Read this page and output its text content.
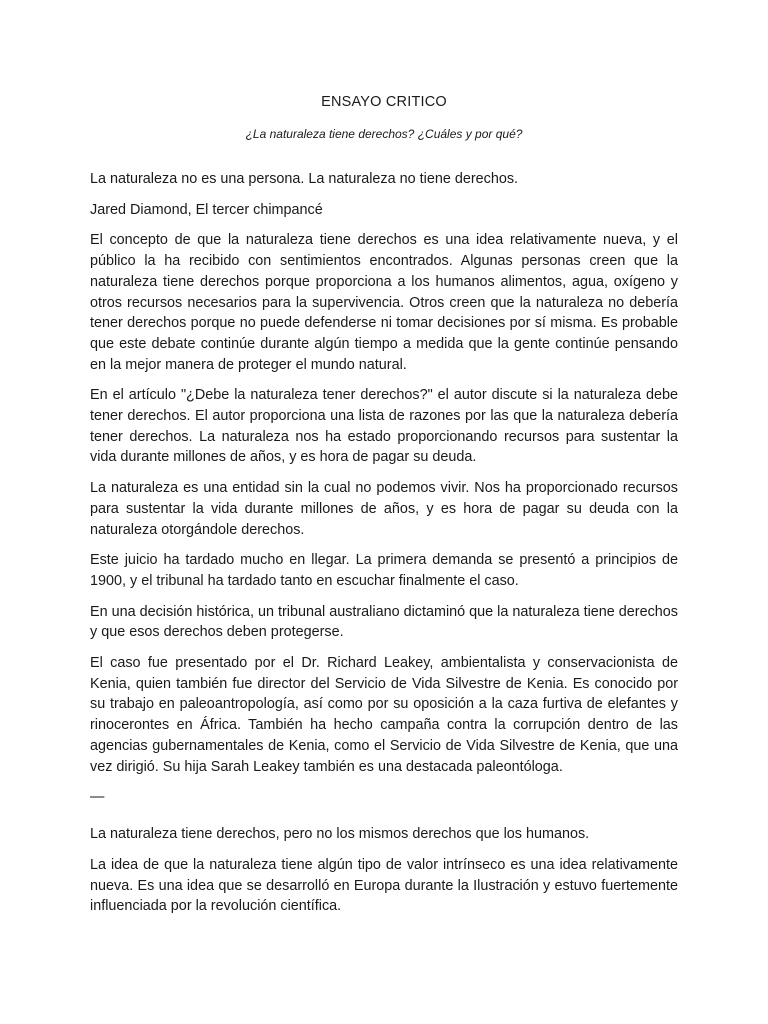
ENSAYO CRITICO
¿La naturaleza tiene derechos? ¿Cuáles y por qué?

La naturaleza no es una persona. La naturaleza no tiene derechos.

Jared Diamond, El tercer chimpancé

El concepto de que la naturaleza tiene derechos es una idea relativamente nueva, y el público la ha recibido con sentimientos encontrados. Algunas personas creen que la naturaleza tiene derechos porque proporciona a los humanos alimentos, agua, oxígeno y otros recursos necesarios para la supervivencia. Otros creen que la naturaleza no debería tener derechos porque no puede defenderse ni tomar decisiones por sí misma. Es probable que este debate continúe durante algún tiempo a medida que la gente continúe pensando en la mejor manera de proteger el mundo natural.

En el artículo "¿Debe la naturaleza tener derechos?" el autor discute si la naturaleza debe tener derechos. El autor proporciona una lista de razones por las que la naturaleza debería tener derechos. La naturaleza nos ha estado proporcionando recursos para sustentar la vida durante millones de años, y es hora de pagar su deuda.

La naturaleza es una entidad sin la cual no podemos vivir. Nos ha proporcionado recursos para sustentar la vida durante millones de años, y es hora de pagar su deuda con la naturaleza otorgándole derechos.

Este juicio ha tardado mucho en llegar. La primera demanda se presentó a principios de 1900, y el tribunal ha tardado tanto en escuchar finalmente el caso.

En una decisión histórica, un tribunal australiano dictaminó que la naturaleza tiene derechos y que esos derechos deben protegerse.

El caso fue presentado por el Dr. Richard Leakey, ambientalista y conservacionista de Kenia, quien también fue director del Servicio de Vida Silvestre de Kenia. Es conocido por su trabajo en paleoantropología, así como por su oposición a la caza furtiva de elefantes y rinocerontes en África. También ha hecho campaña contra la corrupción dentro de las agencias gubernamentales de Kenia, como el Servicio de Vida Silvestre de Kenia, que una vez dirigió. Su hija Sarah Leakey también es una destacada paleontóloga.

—

La naturaleza tiene derechos, pero no los mismos derechos que los humanos.

La idea de que la naturaleza tiene algún tipo de valor intrínseco es una idea relativamente nueva. Es una idea que se desarrolló en Europa durante la Ilustración y estuvo fuertemente influenciada por la revolución científica.
